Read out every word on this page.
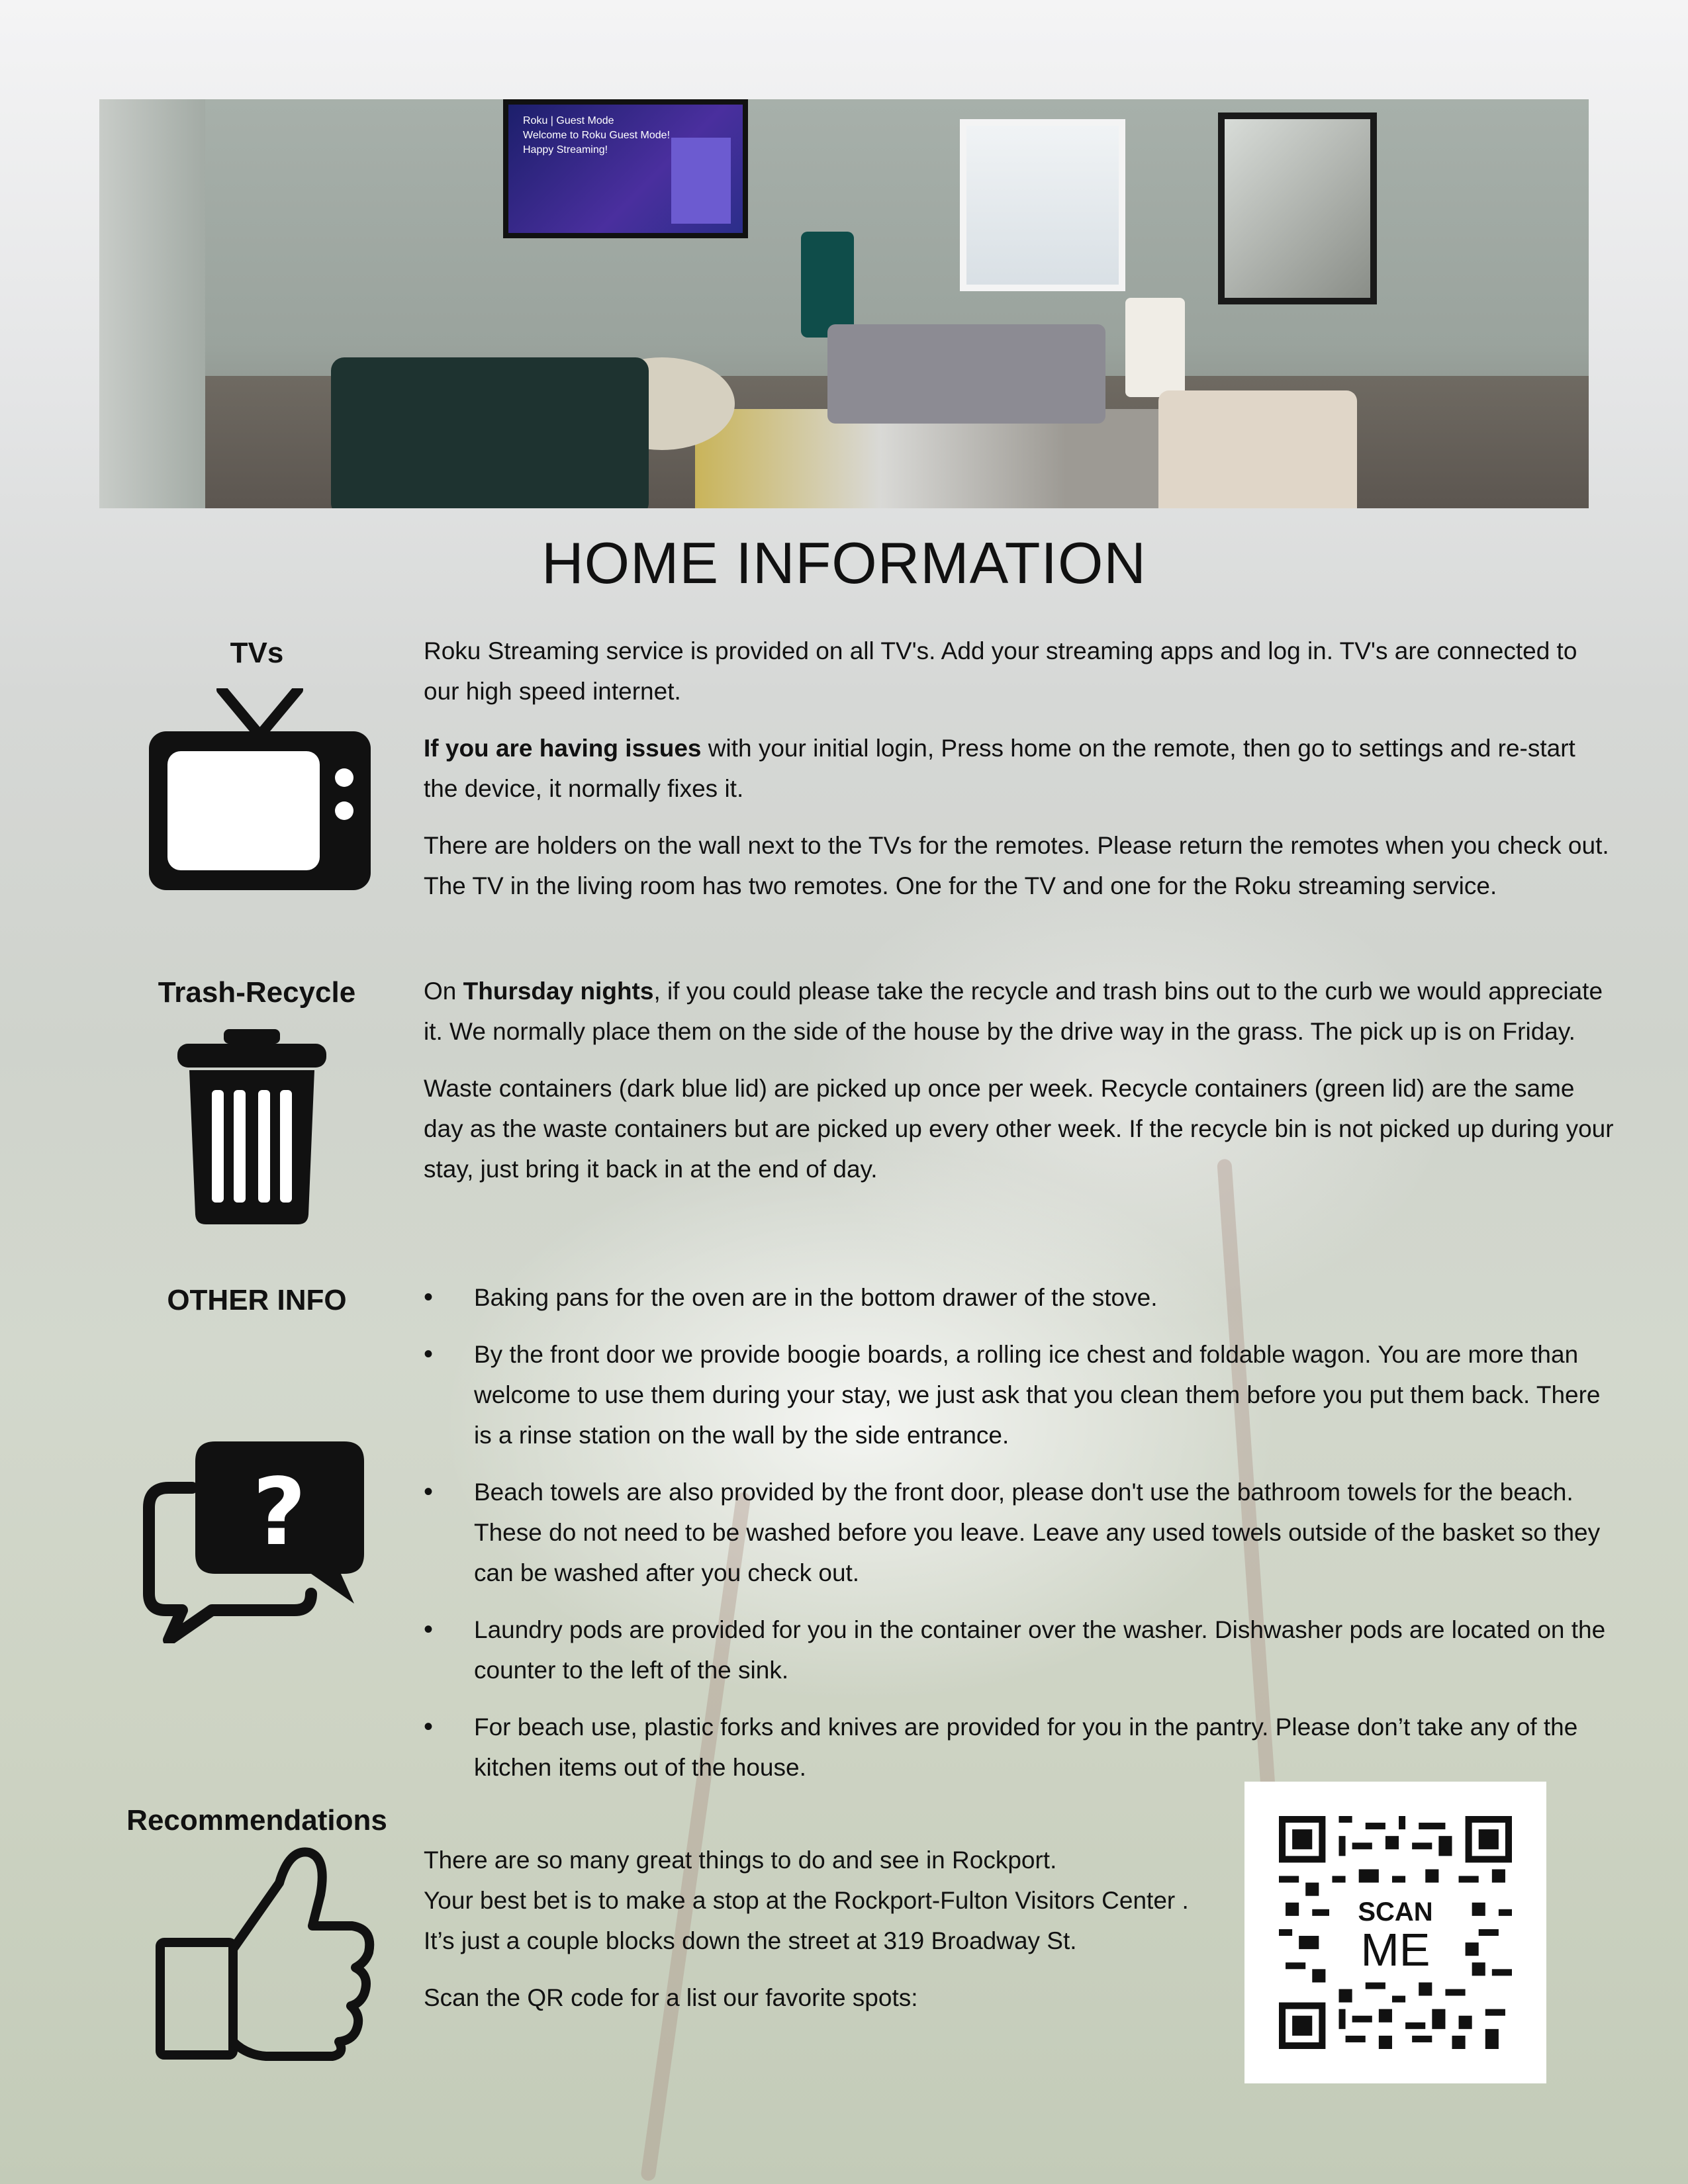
Roku | Guest Mode
Welcome to Roku Guest Mode!
Happy Streaming!
HOME INFORMATION
TVs	Roku Streaming service is provided on all TV's. Add your streaming apps and log in. TV's are connected to our high speed internet.

If you are having issues with your initial login, Press home on the remote, then go to settings and re-start the device, it normally fixes it.

There are holders on the wall next to the TVs for the remotes. Please return the remotes when you check out. The TV in the living room has two remotes. One for the TV and one for the Roku streaming service.

Trash-Recycle	On Thursday nights, if you could please take the recycle and trash bins out to the curb we would appreciate it. We normally place them on the side of the house by the drive way in the grass. The pick up is on Friday.

Waste containers (dark blue lid) are picked up once per week. Recycle containers (green lid) are the same day as the waste containers but are picked up every other week. If the recycle bin is not picked up during your stay, just bring it back in at the end of day.

OTHER INFO
?
• Baking pans for the oven are in the bottom drawer of the stove.
• By the front door we provide boogie boards, a rolling ice chest and foldable wagon. You are more than welcome to use them during your stay, we just ask that you clean them before you put them back. There is a rinse station on the wall by the side entrance.
• Beach towels are also provided by the front door, please don't use the bathroom towels for the beach. These do not need to be washed before you leave. Leave any used towels outside of the basket so they can be washed after you check out.
• Laundry pods are provided for you in the container over the washer. Dishwasher pods are located on the counter to the left of the sink.
• For beach use, plastic forks and knives are provided for you in the pantry. Please don’t take any of the kitchen items out of the house.
Recommendations

There are so many great things to do and see in Rockport.
Your best bet is to make a stop at the Rockport-Fulton Visitors Center .
It’s just a couple blocks down the street at 319 Broadway St.

Scan the QR code for a list our favorite spots:

SCAN
ME
